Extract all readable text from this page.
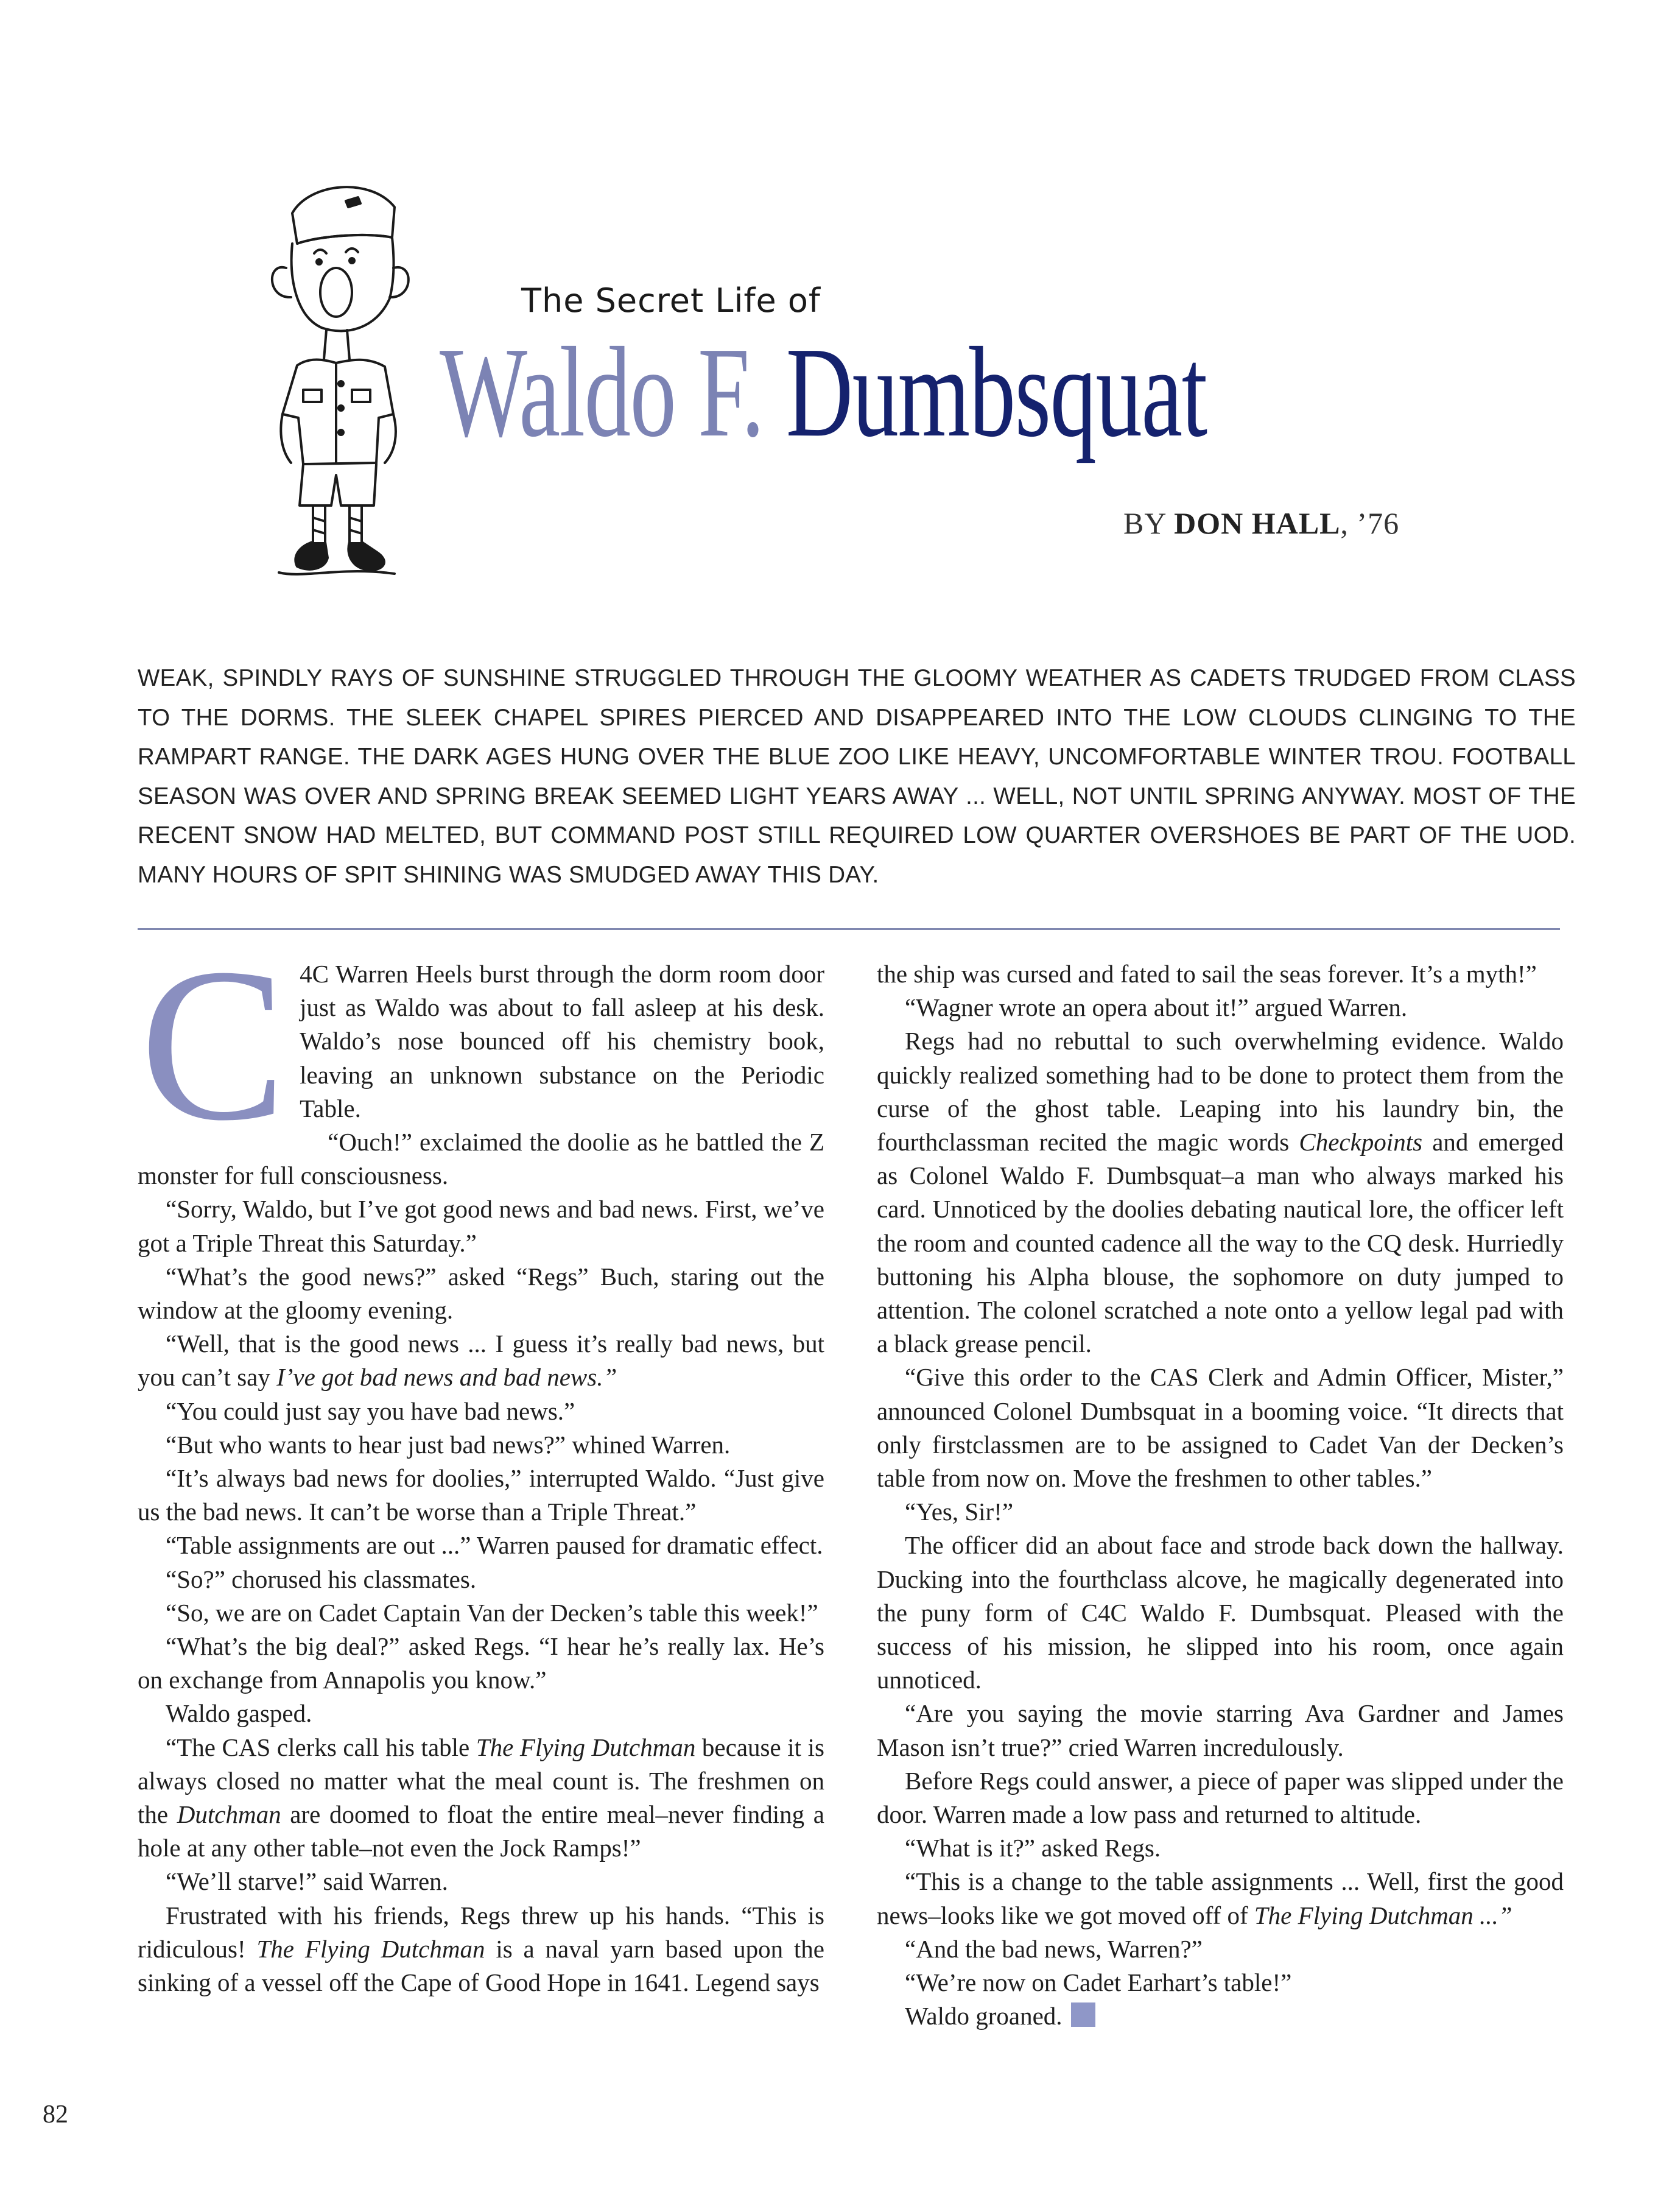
The Secret Life of
Waldo F. Dumbsquat
BY DON HALL, ’76
WEAK, SPINDLY RAYS OF SUNSHINE STRUGGLED THROUGH THE GLOOMY WEATHER AS CADETS TRUDGED FROM CLASS TO THE DORMS. THE SLEEK CHAPEL SPIRES PIERCED AND DISAPPEARED INTO THE LOW CLOUDS CLINGING TO THE RAMPART RANGE. THE DARK AGES HUNG OVER THE BLUE ZOO LIKE HEAVY, UNCOMFORTABLE WINTER TROU. FOOTBALL SEASON WAS OVER AND SPRING BREAK SEEMED LIGHT YEARS AWAY ... WELL, NOT UNTIL SPRING ANYWAY. MOST OF THE RECENT SNOW HAD MELTED, BUT COMMAND POST STILL REQUIRED LOW QUARTER OVERSHOES BE PART OF THE UOD. MANY HOURS OF SPIT SHINING WAS SMUDGED AWAY THIS DAY.

C 4C Warren Heels burst through the dorm room door just as Waldo was about to fall asleep at his desk. Waldo’s nose bounced off his chemistry book, leaving an unknown substance on the Periodic Table.

“Ouch!” exclaimed the doolie as he battled the Z monster for full consciousness.

“Sorry, Waldo, but I’ve got good news and bad news. First, we’ve got a Triple Threat this Saturday.”

“What’s the good news?” asked “Regs” Buch, staring out the window at the gloomy evening.

“Well, that is the good news ... I guess it’s really bad news, but you can’t say I’ve got bad news and bad news.”

“You could just say you have bad news.”

“But who wants to hear just bad news?” whined Warren.

“It’s always bad news for doolies,” interrupted Waldo. “Just give us the bad news. It can’t be worse than a Triple Threat.”

“Table assignments are out ...” Warren paused for dramatic effect.

“So?” chorused his classmates.

“So, we are on Cadet Captain Van der Decken’s table this week!”

“What’s the big deal?” asked Regs. “I hear he’s really lax. He’s on exchange from Annapolis you know.”

Waldo gasped.

“The CAS clerks call his table The Flying Dutchman because it is always closed no matter what the meal count is. The freshmen on the Dutchman are doomed to float the entire meal–never finding a hole at any other table–not even the Jock Ramps!”

“We’ll starve!” said Warren.

Frustrated with his friends, Regs threw up his hands. “This is ridiculous! The Flying Dutchman is a naval yarn based upon the sinking of a vessel off the Cape of Good Hope in 1641. Legend says

the ship was cursed and fated to sail the seas forever. It’s a myth!”

“Wagner wrote an opera about it!” argued Warren.

Regs had no rebuttal to such overwhelming evidence. Waldo quickly realized something had to be done to protect them from the curse of the ghost table. Leaping into his laundry bin, the fourthclassman recited the magic words Checkpoints and emerged as Colonel Waldo F. Dumbsquat–a man who always marked his card. Unnoticed by the doolies debating nautical lore, the officer left the room and counted cadence all the way to the CQ desk. Hurriedly buttoning his Alpha blouse, the sophomore on duty jumped to attention. The colonel scratched a note onto a yellow legal pad with a black grease pencil.

“Give this order to the CAS Clerk and Admin Officer, Mister,” announced Colonel Dumbsquat in a booming voice. “It directs that only firstclassmen are to be assigned to Cadet Van der Decken’s table from now on. Move the freshmen to other tables.”

“Yes, Sir!”

The officer did an about face and strode back down the hallway. Ducking into the fourthclass alcove, he magically degenerated into the puny form of C4C Waldo F. Dumbsquat. Pleased with the success of his mission, he slipped into his room, once again unnoticed.

“Are you saying the movie starring Ava Gardner and James Mason isn’t true?” cried Warren incredulously.

Before Regs could answer, a piece of paper was slipped under the door. Warren made a low pass and returned to altitude.

“What is it?” asked Regs.

“This is a change to the table assignments ... Well, first the good news–looks like we got moved off of The Flying Dutchman ...”

“And the bad news, Warren?”

“We’re now on Cadet Earhart’s table!”

Waldo groaned.	✓

82
